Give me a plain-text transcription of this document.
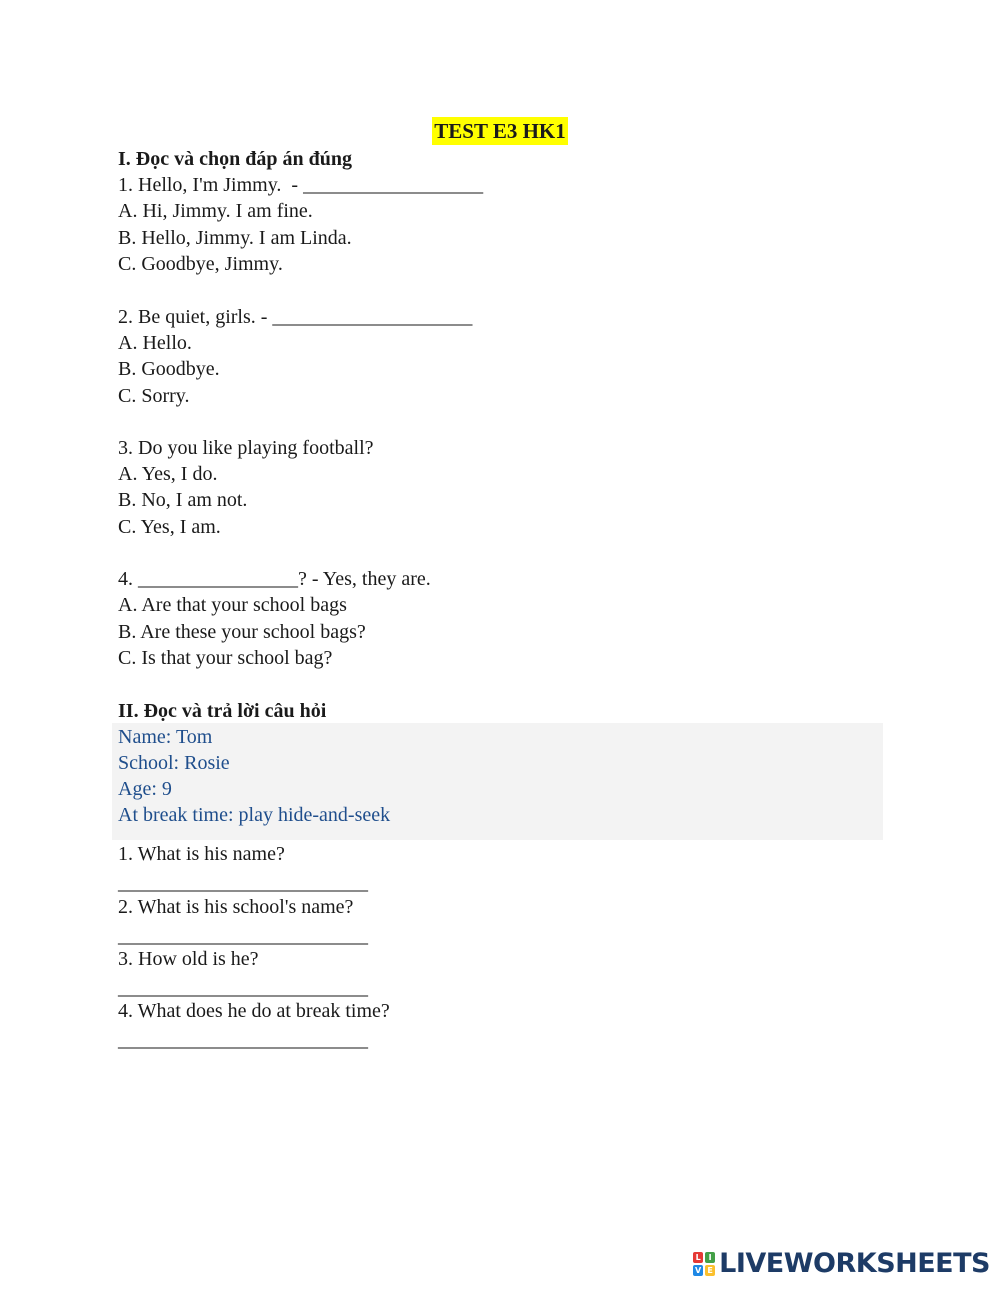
TEST E3 HK1
I. Đọc và chọn đáp án đúng
1. Hello, I'm Jimmy.  - __________________
A. Hi, Jimmy. I am fine.
B. Hello, Jimmy. I am Linda.
C. Goodbye, Jimmy.
2. Be quiet, girls. - ____________________
A. Hello.
B. Goodbye.
C. Sorry.
3. Do you like playing football?
A. Yes, I do.
B. No, I am not.
C. Yes, I am.
4. ________________? - Yes, they are.
A. Are that your school bags
B. Are these your school bags?
C. Is that your school bag?
II. Đọc và trả lời câu hỏi
Name: Tom
School: Rosie
Age: 9
At break time: play hide-and-seek
1. What is his name?
_________________________
2. What is his school's name?
_________________________
3. How old is he?
_________________________
4. What does he do at break time?
_________________________
L I
V E LIVEWORKSHEETS
